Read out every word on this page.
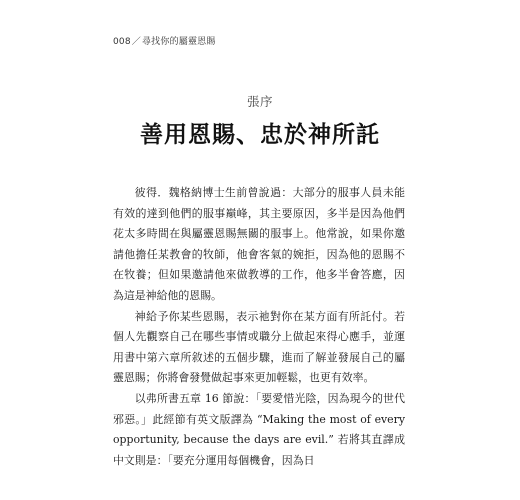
008／尋找你的屬靈恩賜
張序
善用恩賜、忠於神所託

彼得．魏格納博士生前曾說過：大部分的服事人員未能有效的達到他們的服事巔峰，其主要原因，多半是因為他們花太多時間在與屬靈恩賜無關的服事上。他常說，如果你邀請他擔任某教會的牧師，他會客氣的婉拒，因為他的恩賜不在牧養；但如果邀請他來做教導的工作，他多半會答應，因為這是神給他的恩賜。

神給予你某些恩賜，表示祂對你在某方面有所託付。若個人先觀察自己在哪些事情或職分上做起來得心應手，並運用書中第六章所敘述的五個步驟，進而了解並發展自己的屬靈恩賜；你將會發覺做起事來更加輕鬆，也更有效率。

以弗所書五章 16 節說：「要愛惜光陰，因為現今的世代邪惡。」此經節有英文版譯為 “Making the most of every opportunity, because the days are evil.” 若將其直譯成中文則是：「要充分運用每個機會，因為日
